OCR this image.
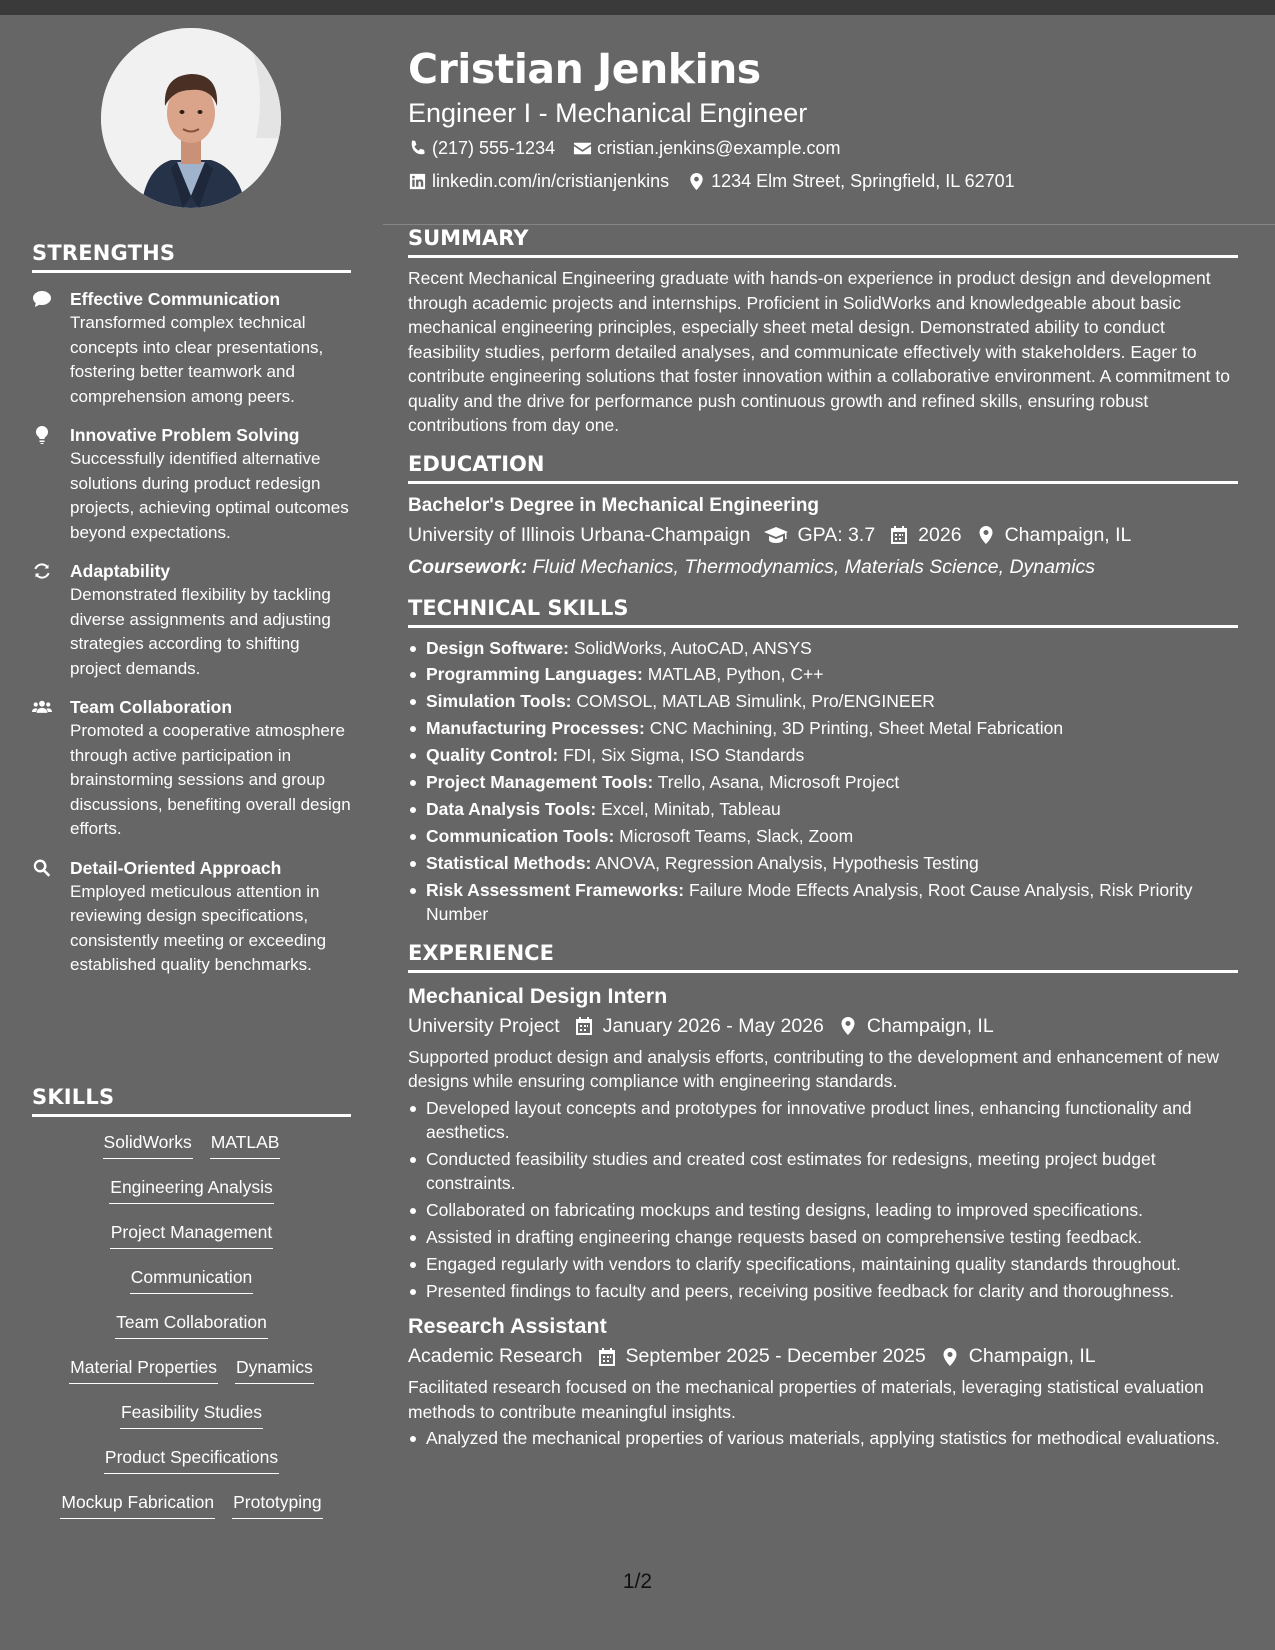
STRENGTHS
Effective Communication
Transformed complex technical concepts into clear presentations, fostering better teamwork and comprehension among peers.
Innovative Problem Solving
Successfully identified alternative solutions during product redesign projects, achieving optimal outcomes beyond expectations.
Adaptability
Demonstrated flexibility by tackling diverse assignments and adjusting strategies according to shifting project demands.
Team Collaboration
Promoted a cooperative atmosphere through active participation in brainstorming sessions and group discussions, benefiting overall design efforts.
Detail-Oriented Approach
Employed meticulous attention in reviewing design specifications, consistently meeting or exceeding established quality benchmarks.
SKILLS
SolidWorks MATLAB
Engineering Analysis
Project Management
Communication
Team Collaboration
Material Properties Dynamics
Feasibility Studies
Product Specifications
Mockup Fabrication Prototyping
Cristian Jenkins
Engineer I - Mechanical Engineer
(217) 555-1234 cristian.jenkins@example.com
linkedin.com/in/cristianjenkins 1234 Elm Street, Springfield, IL 62701
SUMMARY
Recent Mechanical Engineering graduate with hands-on experience in product design and development through academic projects and internships. Proficient in SolidWorks and knowledgeable about basic mechanical engineering principles, especially sheet metal design. Demonstrated ability to conduct feasibility studies, perform detailed analyses, and communicate effectively with stakeholders. Eager to contribute engineering solutions that foster innovation within a collaborative environment. A commitment to quality and the drive for performance push continuous growth and refined skills, ensuring robust contributions from day one.
EDUCATION
Bachelor's Degree in Mechanical Engineering
University of Illinois Urbana-Champaign GPA: 3.7 2026 Champaign, IL
Coursework: Fluid Mechanics, Thermodynamics, Materials Science, Dynamics
TECHNICAL SKILLS
Design Software: SolidWorks, AutoCAD, ANSYS
Programming Languages: MATLAB, Python, C++
Simulation Tools: COMSOL, MATLAB Simulink, Pro/ENGINEER
Manufacturing Processes: CNC Machining, 3D Printing, Sheet Metal Fabrication
Quality Control: FDI, Six Sigma, ISO Standards
Project Management Tools: Trello, Asana, Microsoft Project
Data Analysis Tools: Excel, Minitab, Tableau
Communication Tools: Microsoft Teams, Slack, Zoom
Statistical Methods: ANOVA, Regression Analysis, Hypothesis Testing
Risk Assessment Frameworks: Failure Mode Effects Analysis, Root Cause Analysis, Risk Priority Number
EXPERIENCE
Mechanical Design Intern
University Project January 2026 - May 2026 Champaign, IL
Supported product design and analysis efforts, contributing to the development and enhancement of new designs while ensuring compliance with engineering standards.
Developed layout concepts and prototypes for innovative product lines, enhancing functionality and aesthetics.
Conducted feasibility studies and created cost estimates for redesigns, meeting project budget constraints.
Collaborated on fabricating mockups and testing designs, leading to improved specifications.
Assisted in drafting engineering change requests based on comprehensive testing feedback.
Engaged regularly with vendors to clarify specifications, maintaining quality standards throughout.
Presented findings to faculty and peers, receiving positive feedback for clarity and thoroughness.
Research Assistant
Academic Research September 2025 - December 2025 Champaign, IL
Facilitated research focused on the mechanical properties of materials, leveraging statistical evaluation methods to contribute meaningful insights.
Analyzed the mechanical properties of various materials, applying statistics for methodical evaluations.
1/2
